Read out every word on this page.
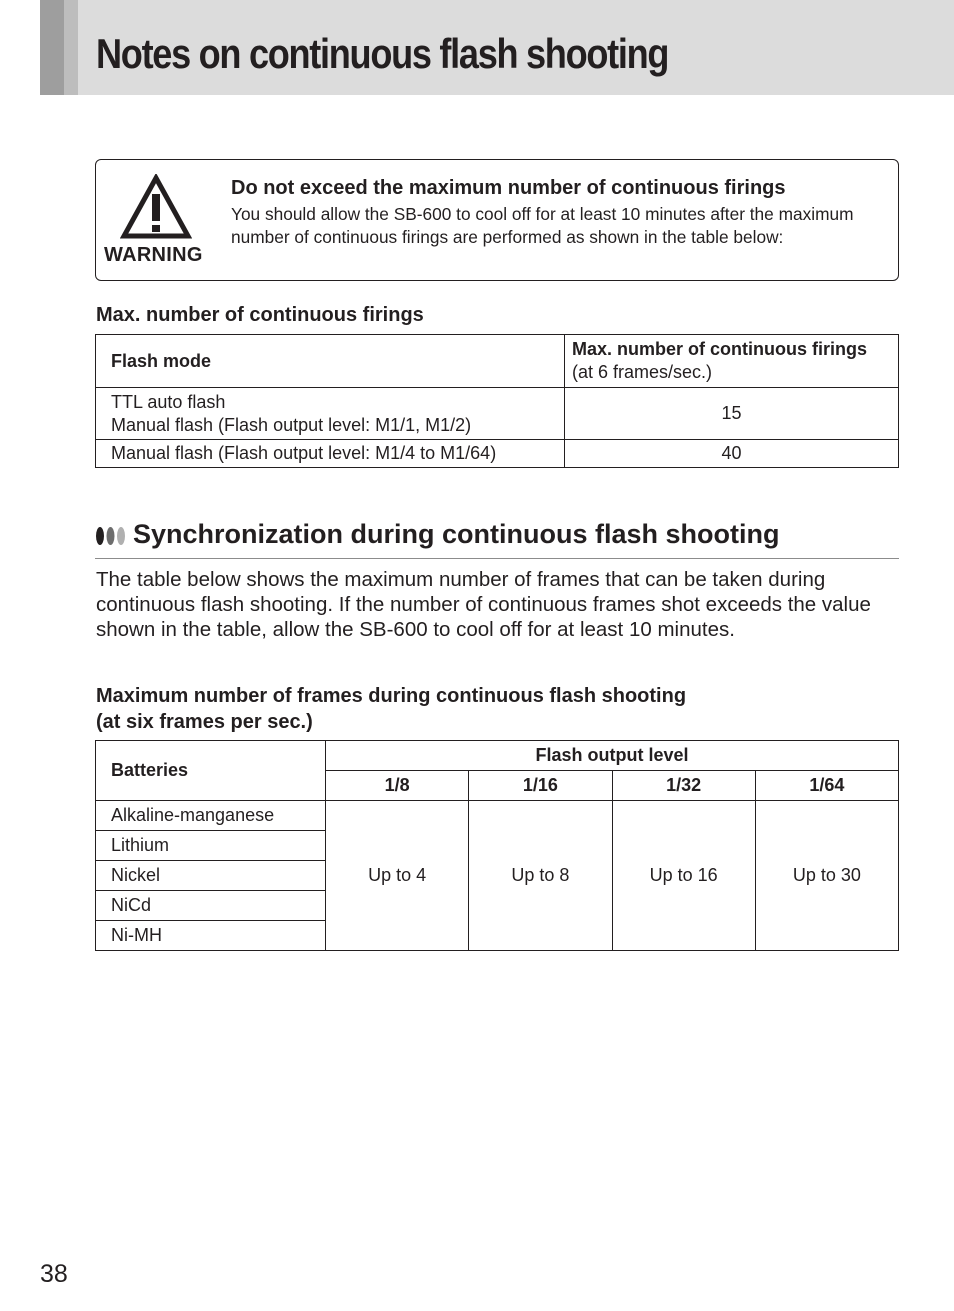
Notes on continuous flash shooting
WARNING
Do not exceed the maximum number of continuous firings
You should allow the SB-600 to cool off for at least 10 minutes after the maximum number of continuous firings are performed as shown in the table below:
Max. number of continuous firings
Flash mode	Max. number of continuous firings (at 6 frames/sec.)

TTL auto flash
Manual flash (Flash output level: M1/1, M1/2)	15
Manual flash (Flash output level: M1/4 to M1/64)	40
Synchronization during continuous flash shooting
The table below shows the maximum number of frames that can be taken during continuous flash shooting. If the number of continuous frames shot exceeds the value shown in the table, allow the SB-600 to cool off for at least 10 minutes.
Maximum number of frames during continuous flash shooting
(at six frames per sec.)
Batteries	Flash output level			
	1/8	1/16	1/32	1/64
Alkaline-manganese	Up to 4	Up to 8	Up to 16	Up to 30
Lithium				
Nickel				
NiCd				
Ni-MH				
38
